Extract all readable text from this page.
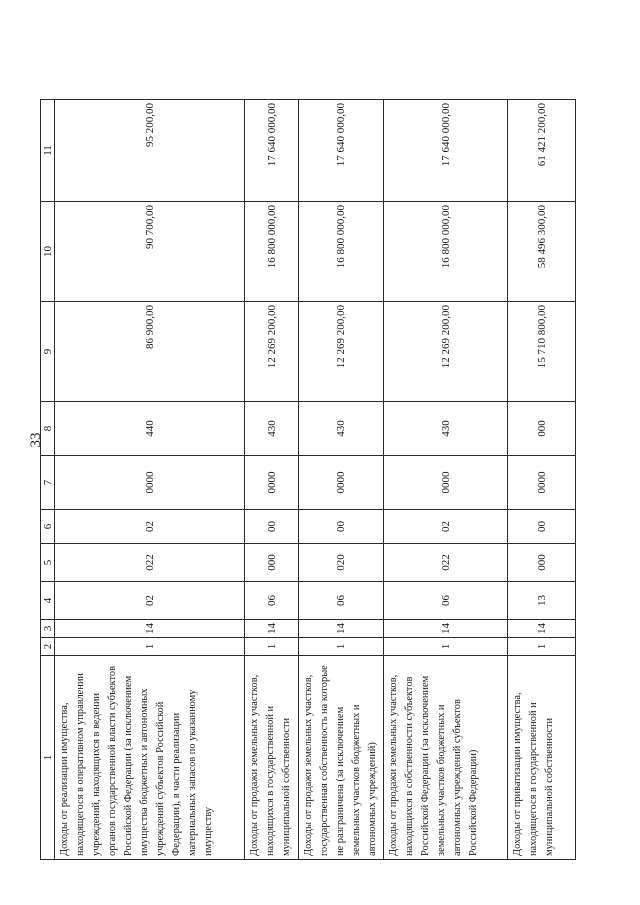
33
1	2	3	4	5	6	7	8	9	10	11
Доходы от реализации имущества, находящегося в оперативном управлении учреждений, находящихся в ведении органов государственной власти субъектов Российской Федерации (за исключением имущества бюджетных и автономных учреждений субъектов Российской Федерации), в части реализации материальных запасов по указанному имуществу	1	14	02	022	02	0000	440	86 900,00	90 700,00	95 200,00
Доходы от продажи земельных участков, находящихся в государственной и муниципальной собственности	1	14	06	000	00	0000	430	12 269 200,00	16 800 000,00	17 640 000,00
Доходы от продажи земельных участков, государственная собственность на которые не разграничена (за исключением земельных участков бюджетных и автономных учреждений)	1	14	06	020	00	0000	430	12 269 200,00	16 800 000,00	17 640 000,00
Доходы от продажи земельных участков, находящихся в собственности субъектов Российской Федерации (за исключением земельных участков бюджетных и автономных учреждений субъектов Российской Федерации)	1	14	06	022	02	0000	430	12 269 200,00	16 800 000,00	17 640 000,00
Доходы от приватизации имущества, находящегося в государственной и муниципальной собственности	1	14	13	000	00	0000	000	15 710 800,00	58 496 300,00	61 421 200,00
